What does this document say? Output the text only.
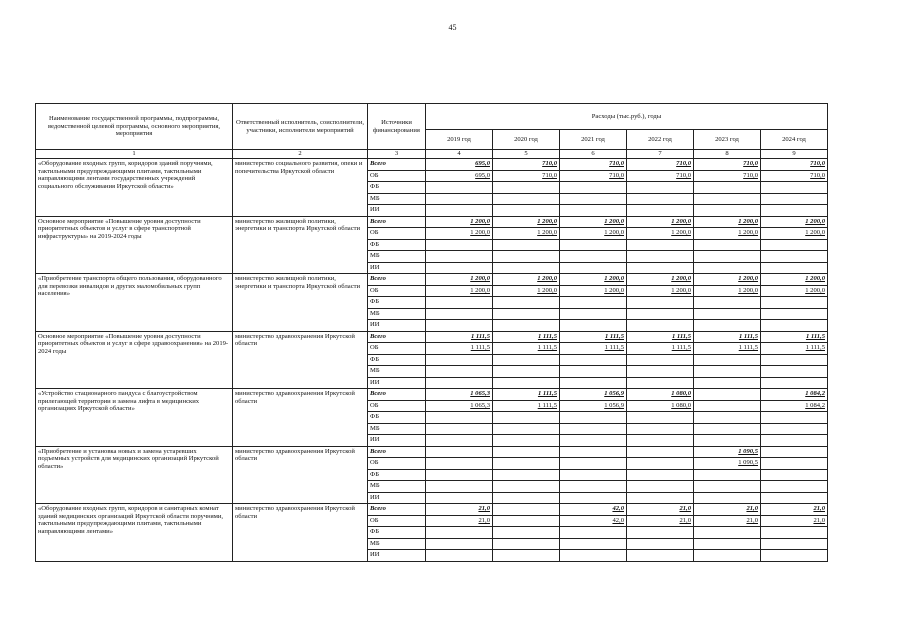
45
Наименование государственной программы, подпрограммы, ведомственной целевой программы, основного мероприятия, мероприятия	Ответственный исполнитель, соисполнители, участники, исполнители мероприятий	Источники финансирования	Расходы (тыс.руб.), годы					
			2019 год	2020 год	2021 год	2022 год	2023 год	2024 год
1	2	3	4	5	6	7	8	9
«Оборудование входных групп, коридоров зданий поручнями, тактильными предупреждающими плитами, тактильными направляющими лентами государственных учреждений социального обслуживания Иркутской области»	министерство социального развития, опеки и попечительства Иркутской области	Всего	695,0	710,0	710,0	710,0	710,0	710,0
		ОБ	695,0	710,0	710,0	710,0	710,0	710,0
		ФБ						
		МБ						
		ИИ						
Основное мероприятие «Повышение уровня доступности приоритетных объектов и услуг в сфере транспортной инфраструктуры» на 2019-2024 годы	министерство жилищной политики, энергетики и транспорта Иркутской области	Всего	1 200,0	1 200,0	1 200,0	1 200,0	1 200,0	1 200,0
		ОБ	1 200,0	1 200,0	1 200,0	1 200,0	1 200,0	1 200,0
		ФБ						
		МБ						
		ИИ						
«Приобретение транспорта общего пользования, оборудованного для перевозки инвалидов и других маломобильных групп населения»	министерство жилищной политики, энергетики и транспорта Иркутской области	Всего	1 200,0	1 200,0	1 200,0	1 200,0	1 200,0	1 200,0
		ОБ	1 200,0	1 200,0	1 200,0	1 200,0	1 200,0	1 200,0
		ФБ						
		МБ						
		ИИ						
Основное мероприятие «Повышение уровня доступности приоритетных объектов и услуг в сфере здравоохранения» на 2019-2024 годы	министерство здравоохранения Иркутской области	Всего	1 111,5	1 111,5	1 111,5	1 111,5	1 111,5	1 111,5
		ОБ	1 111,5	1 111,5	1 111,5	1 111,5	1 111,5	1 111,5
		ФБ						
		МБ						
		ИИ						
«Устройство стационарного пандуса с благоустройством прилегающей территории и замена лифта в медицинских организациях Иркутской области»	министерство здравоохранения Иркутской области	Всего	1 065,3	1 111,5	1 056,9	1 080,0		1 084,2
		ОБ	1 065,3	1 111,5	1 056,9	1 080,0		1 084,2
		ФБ						
		МБ						
		ИИ						
«Приобретение и установка новых и замена устаревших подъемных устройств для медицинских организаций Иркутской области»	министерство здравоохранения Иркутской области	Всего					1 090,5	
		ОБ					1 090,5	
		ФБ						
		МБ						
		ИИ						
«Оборудование входных групп, коридоров и санитарных комнат зданий медицинских организаций Иркутской области поручнями, тактильными предупреждающими плитами, тактильными направляющими лентами»	министерство здравоохранения Иркутской области	Всего	21,0		42,0	21,0	21,0	21,0
		ОБ	21,0		42,0	21,0	21,0	21,0
		ФБ						
		МБ						
		ИИ						
